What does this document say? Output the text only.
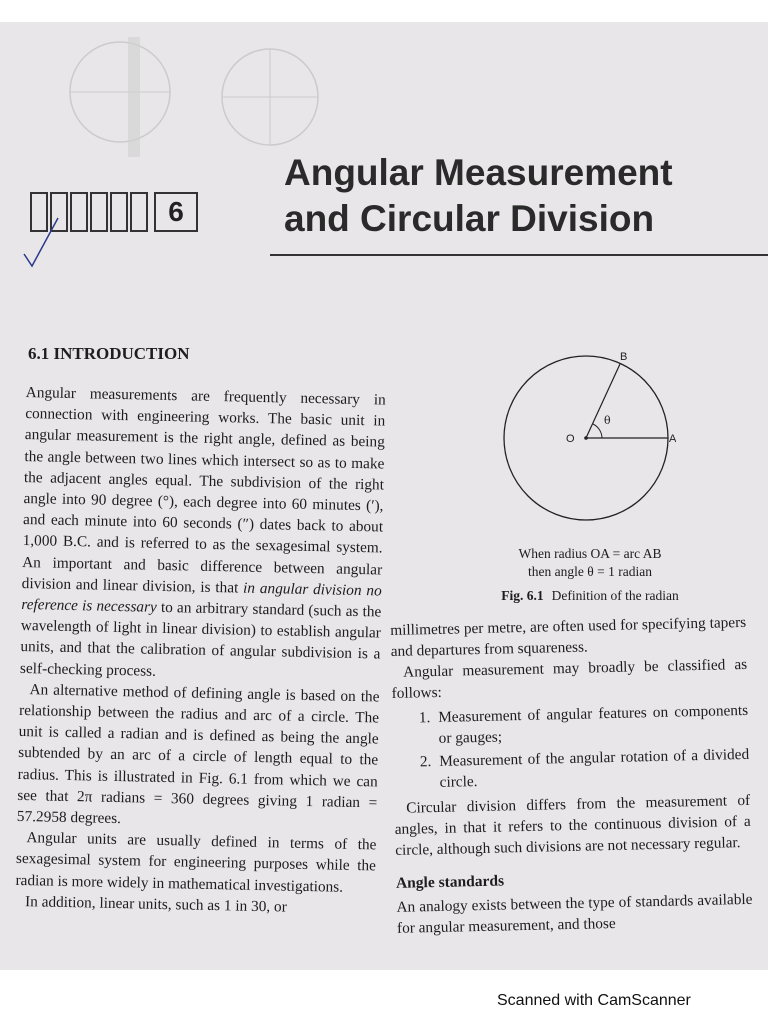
6
Angular Measurement
and Circular Division
6.1 INTRODUCTION

Angular measurements are frequently necessary in connection with engineering works. The basic unit in angular measurement is the right angle, defined as being the angle between two lines which intersect so as to make the adjacent angles equal. The subdivision of the right angle into 90 degree (°), each degree into 60 minutes (′), and each minute into 60 seconds (″) dates back to about 1,000 B.C. and is referred to as the sexagesimal system. An important and basic difference between angular division and linear division, is that in angular division no reference is necessary to an arbitrary standard (such as the wavelength of light in linear division) to establish angular units, and that the calibration of angular subdivision is a self-checking process.

An alternative method of defining angle is based on the relationship between the radius and arc of a circle. The unit is called a radian and is defined as being the angle subtended by an arc of a circle of length equal to the radius. This is illustrated in Fig. 6.1 from which we can see that 2π radians = 360 degrees giving 1 radian = 57.2958 degrees.

Angular units are usually defined in terms of the sexagesimal system for engineering purposes while the radian is more widely in mathematical investigations.

In addition, linear units, such as 1 in 30, or

B
O	A
θ
When radius OA = arc AB
then angle θ = 1 radian
Fig. 6.1 Definition of the radian

millimetres per metre, are often used for specifying tapers and departures from squareness.

Angular measurement may broadly be classified as follows:

1. Measurement of angular features on components or gauges;
2. Measurement of the angular rotation of a divided circle.

Circular division differs from the measurement of angles, in that it refers to the continuous division of a circle, although such divisions are not necessary regular.

Angle standards

An analogy exists between the type of standards available for angular measurement, and those

Scanned with CamScanner
